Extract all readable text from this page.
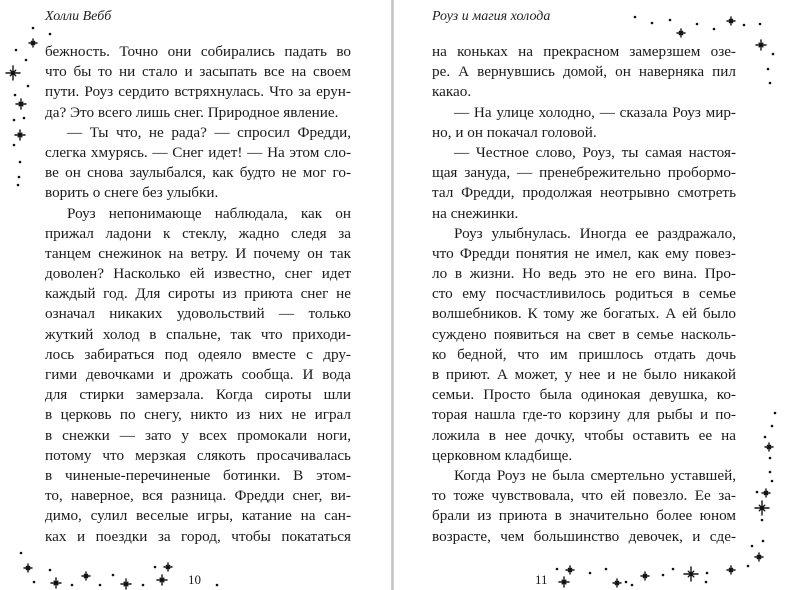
Холли Вебб
бежность. Точно они собирались падать во
что бы то ни стало и засыпать все на своем
пути. Роуз сердито встряхнулась. Что за ерун-
да? Это всего лишь снег. Природное явление.
— Ты что, не рада? — спросил Фредди,
слегка хмурясь. — Снег идет! — На этом сло-
ве он снова заулыбался, как будто не мог го-
ворить о снеге без улыбки.
Роуз непонимающе наблюдала, как он
прижал ладони к стеклу, жадно следя за
танцем снежинок на ветру. И почему он так
доволен? Насколько ей известно, снег идет
каждый год. Для сироты из приюта снег не
означал никаких удовольствий — только
жуткий холод в спальне, так что приходи-
лось забираться под одеяло вместе с дру-
гими девочками и дрожать сообща. И вода
для стирки замерзала. Когда сироты шли
в церковь по снегу, никто из них не играл
в снежки — зато у всех промокали ноги,
потому что мерзкая слякоть просачивалась
в чиненые-перечиненые ботинки. В этом-
то, наверное, вся разница. Фредди снег, ви-
димо, сулил веселые игры, катание на сан-
ках и поездки за город, чтобы покататься
10
Роуз и магия холода
на коньках на прекрасном замерзшем озе-
ре. А вернувшись домой, он наверняка пил
какао.
— На улице холодно, — сказала Роуз мир-
но, и он покачал головой.
— Честное слово, Роуз, ты самая настоя-
щая зануда, — пренебрежительно пробормо-
тал Фредди, продолжая неотрывно смотреть
на снежинки.
Роуз улыбнулась. Иногда ее раздражало,
что Фредди понятия не имел, как ему повез-
ло в жизни. Но ведь это не его вина. Про-
сто ему посчастливилось родиться в семье
волшебников. К тому же богатых. А ей было
суждено появиться на свет в семье насколь-
ко бедной, что им пришлось отдать дочь
в приют. А может, у нее и не было никакой
семьи. Просто была одинокая девушка, ко-
торая нашла где-то корзину для рыбы и по-
ложила в нее дочку, чтобы оставить ее на
церковном кладбище.
Когда Роуз не была смертельно уставшей,
то тоже чувствовала, что ей повезло. Ее за-
брали из приюта в значительно более юном
возрасте, чем большинство девочек, и сде-
11
